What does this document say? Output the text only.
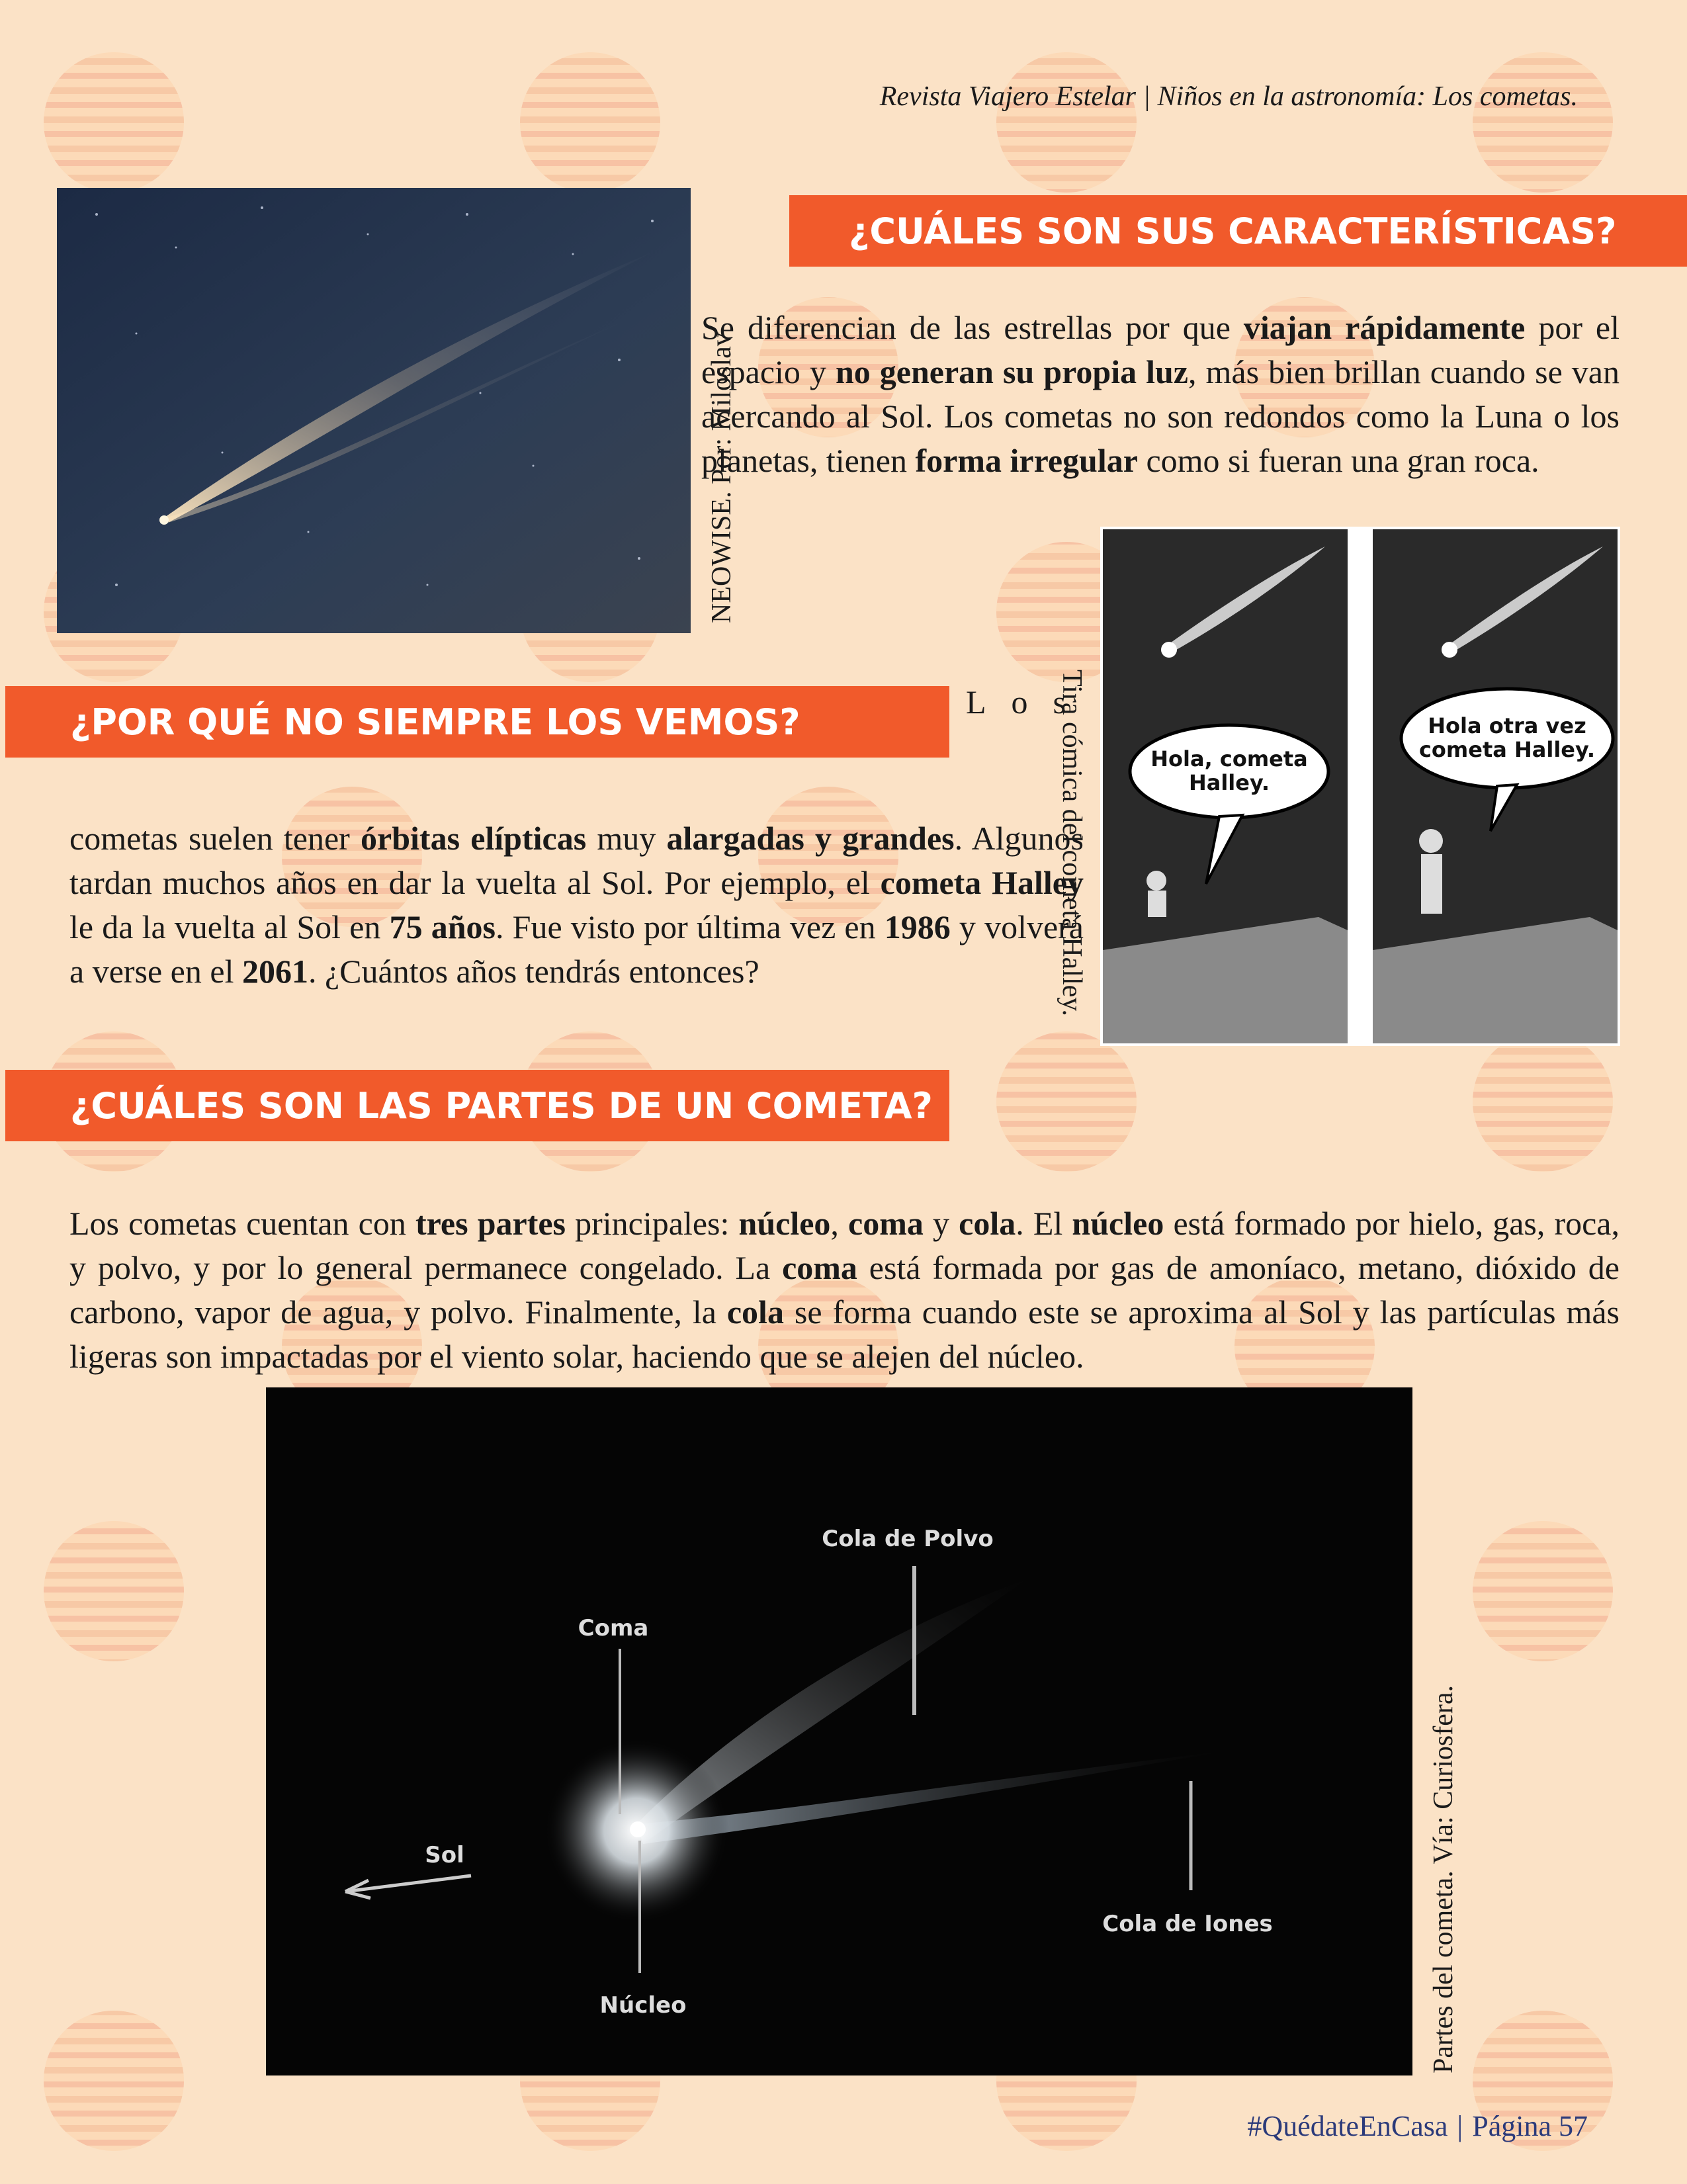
Revista Viajero Estelar | Niños en la astronomía: Los cometas.
NEOWISE. Por: Miloslav
¿CUÁLES SON SUS CARACTERÍSTICAS?
Se diferencian de las estrellas por que viajan rápidamente por el espacio y no generan su propia luz, más bien brillan cuando se van acercando al Sol. Los cometas no son redondos como la Luna o los planetas, tienen forma irregular como si fueran una gran roca.
Hola, cometa
Halley.
Hola otra vez
cometa Halley.
Tira cómica del cometa Halley.
¿POR QUÉ NO SIEMPRE LOS VEMOS?	Los
cometas suelen tener órbitas elípticas muy alargadas y grandes. Algunos tardan muchos años en dar la vuelta al Sol. Por ejemplo, el cometa Halley le da la vuelta al Sol en 75 años. Fue visto por última vez en 1986 y volverá a verse en el 2061. ¿Cuántos años tendrás entonces?
¿CUÁLES SON LAS PARTES DE UN COMETA?
Los cometas cuentan con tres partes principales: núcleo, coma y cola. El núcleo está formado por hielo, gas, roca, y polvo, y por lo general permanece congelado. La coma está formada por gas de amoníaco, metano, dióxido de carbono, vapor de agua, y polvo. Finalmente, la cola se forma cuando este se aproxima al Sol y las partículas más ligeras son impactadas por el viento solar, haciendo que se alejen del núcleo.
Cola de Polvo
Coma
Sol
Cola de Iones
Núcleo	Partes del cometa. Vía: Curiosfera.
#QuédateEnCasa | Página 57
